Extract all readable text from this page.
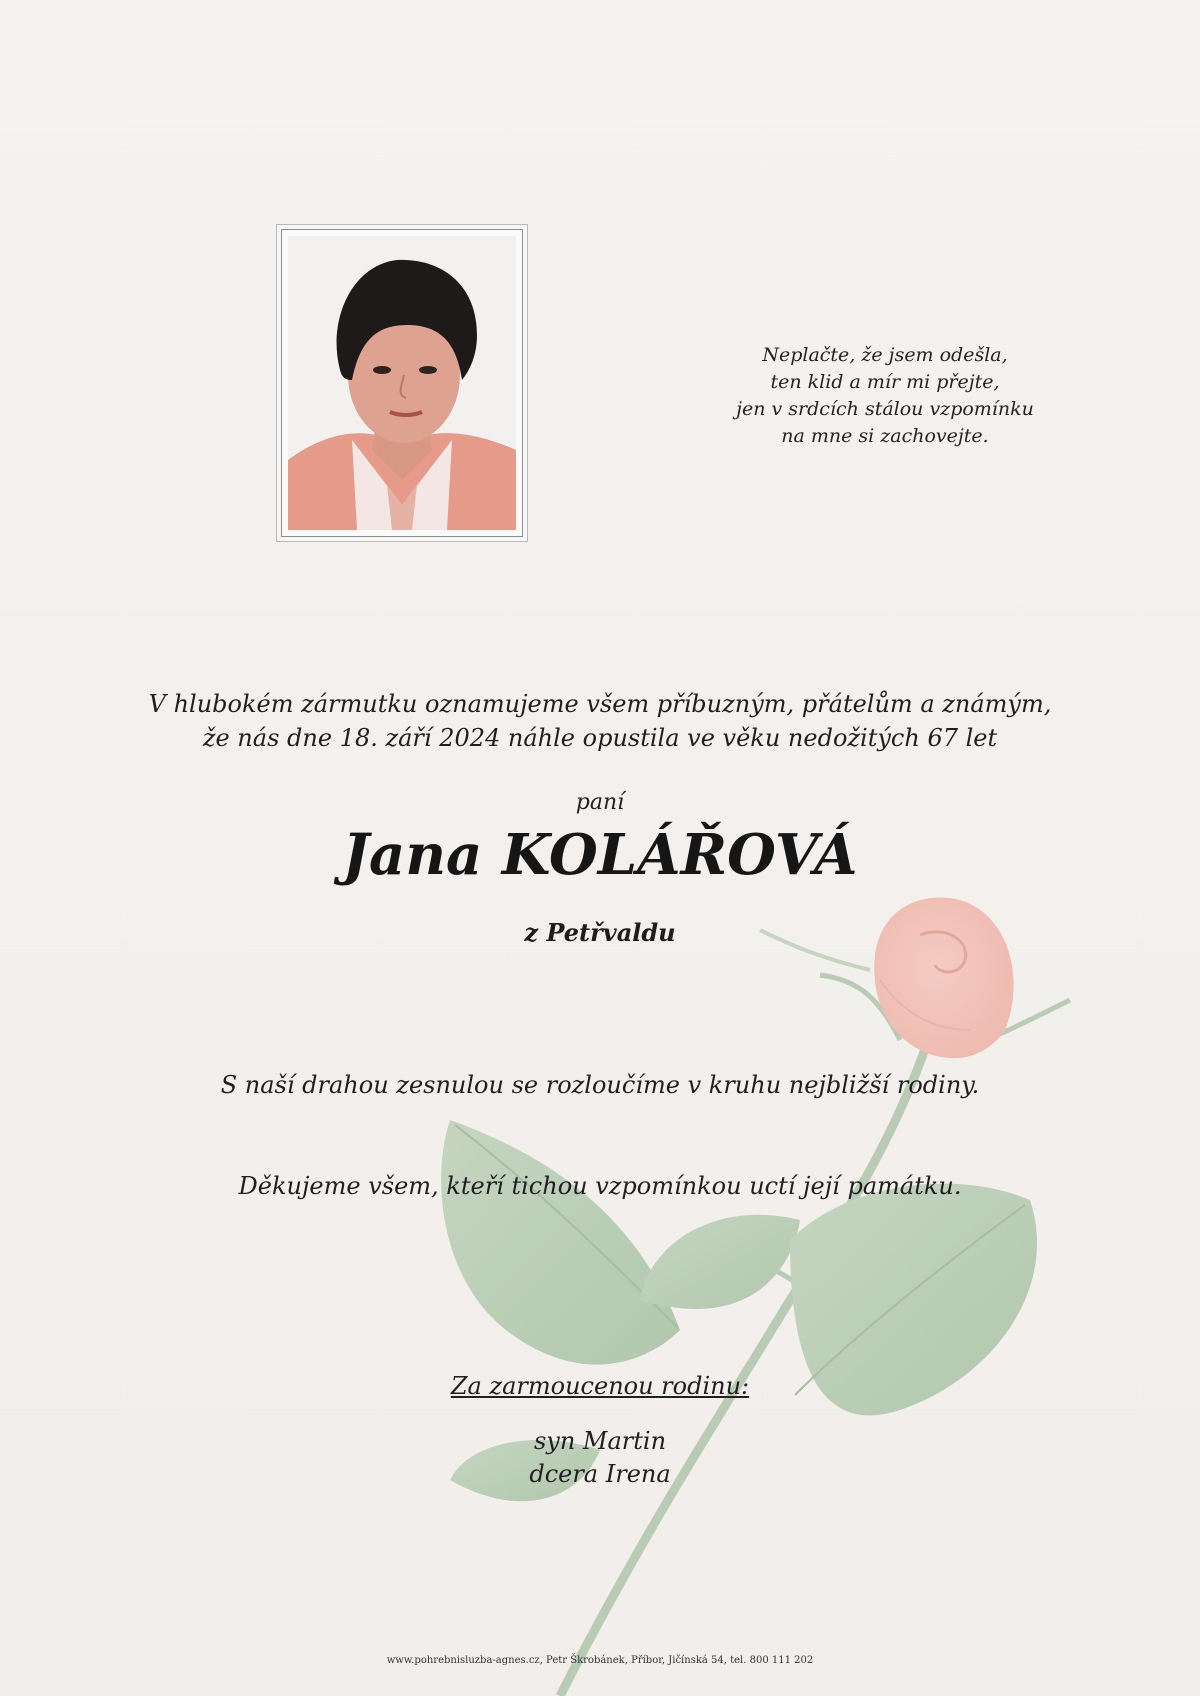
Neplačte, že jsem odešla,
ten klid a mír mi přejte,
jen v srdcích stálou vzpomínku
na mne si zachovejte.
V hlubokém zármutku oznamujeme všem příbuzným, přátelům a známým,
že nás dne 18. září 2024 náhle opustila ve věku nedožitých 67 let
paní
Jana KOLÁŘOVÁ
z Petřvaldu
S naší drahou zesnulou se rozloučíme v kruhu nejbližší rodiny.
Děkujeme všem, kteří tichou vzpomínkou uctí její památku.
Za zarmoucenou rodinu:
syn Martin
dcera Irena
www.pohrebnisluzba-agnes.cz, Petr Škrobánek, Příbor, Jičínská 54, tel. 800 111 202
